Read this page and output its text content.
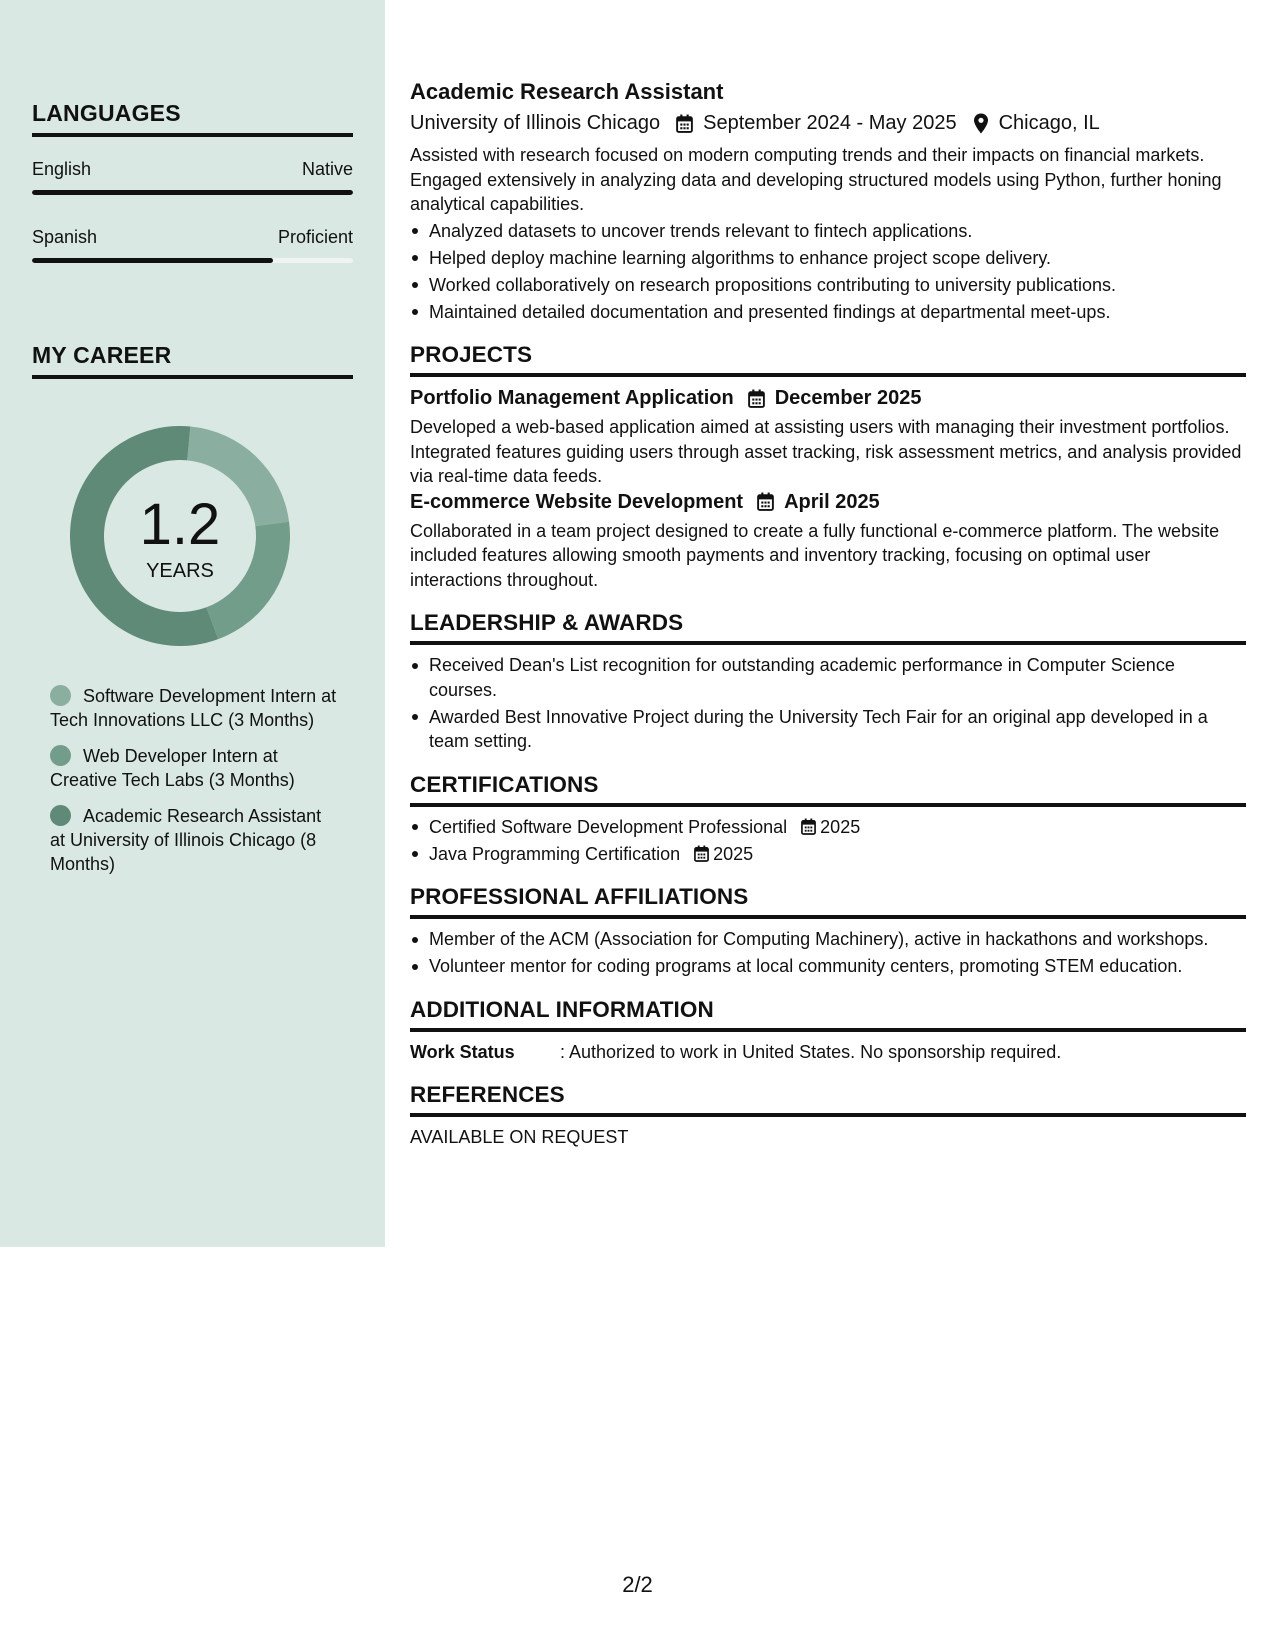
LANGUAGES
English	Native
Spanish	Proficient
MY CAREER
1.2
YEARS
Software Development Intern at Tech Innovations LLC (3 Months)
Web Developer Intern at Creative Tech Labs (3 Months)
Academic Research Assistant at University of Illinois Chicago (8 Months)
Academic Research Assistant
University of Illinois Chicago September 2024 - May 2025 Chicago, IL

Assisted with research focused on modern computing trends and their impacts on financial markets. Engaged extensively in analyzing data and developing structured models using Python, further honing analytical capabilities.

Analyzed datasets to uncover trends relevant to fintech applications.
Helped deploy machine learning algorithms to enhance project scope delivery.
Worked collaboratively on research propositions contributing to university publications.
Maintained detailed documentation and presented findings at departmental meet-ups.
PROJECTS
Portfolio Management Application December 2025

Developed a web-based application aimed at assisting users with managing their investment portfolios. Integrated features guiding users through asset tracking, risk assessment metrics, and analysis provided via real-time data feeds.

E-commerce Website Development April 2025

Collaborated in a team project designed to create a fully functional e-commerce platform. The website included features allowing smooth payments and inventory tracking, focusing on optimal user interactions throughout.

LEADERSHIP & AWARDS
Received Dean's List recognition for outstanding academic performance in Computer Science courses.
Awarded Best Innovative Project during the University Tech Fair for an original app developed in a team setting.
CERTIFICATIONS
Certified Software Development Professional 2025
Java Programming Certification 2025
PROFESSIONAL AFFILIATIONS
Member of the ACM (Association for Computing Machinery), active in hackathons and workshops.
Volunteer mentor for coding programs at local community centers, promoting STEM education.
ADDITIONAL INFORMATION
Work Status	: Authorized to work in United States. No sponsorship required.
REFERENCES
AVAILABLE ON REQUEST
2/2
